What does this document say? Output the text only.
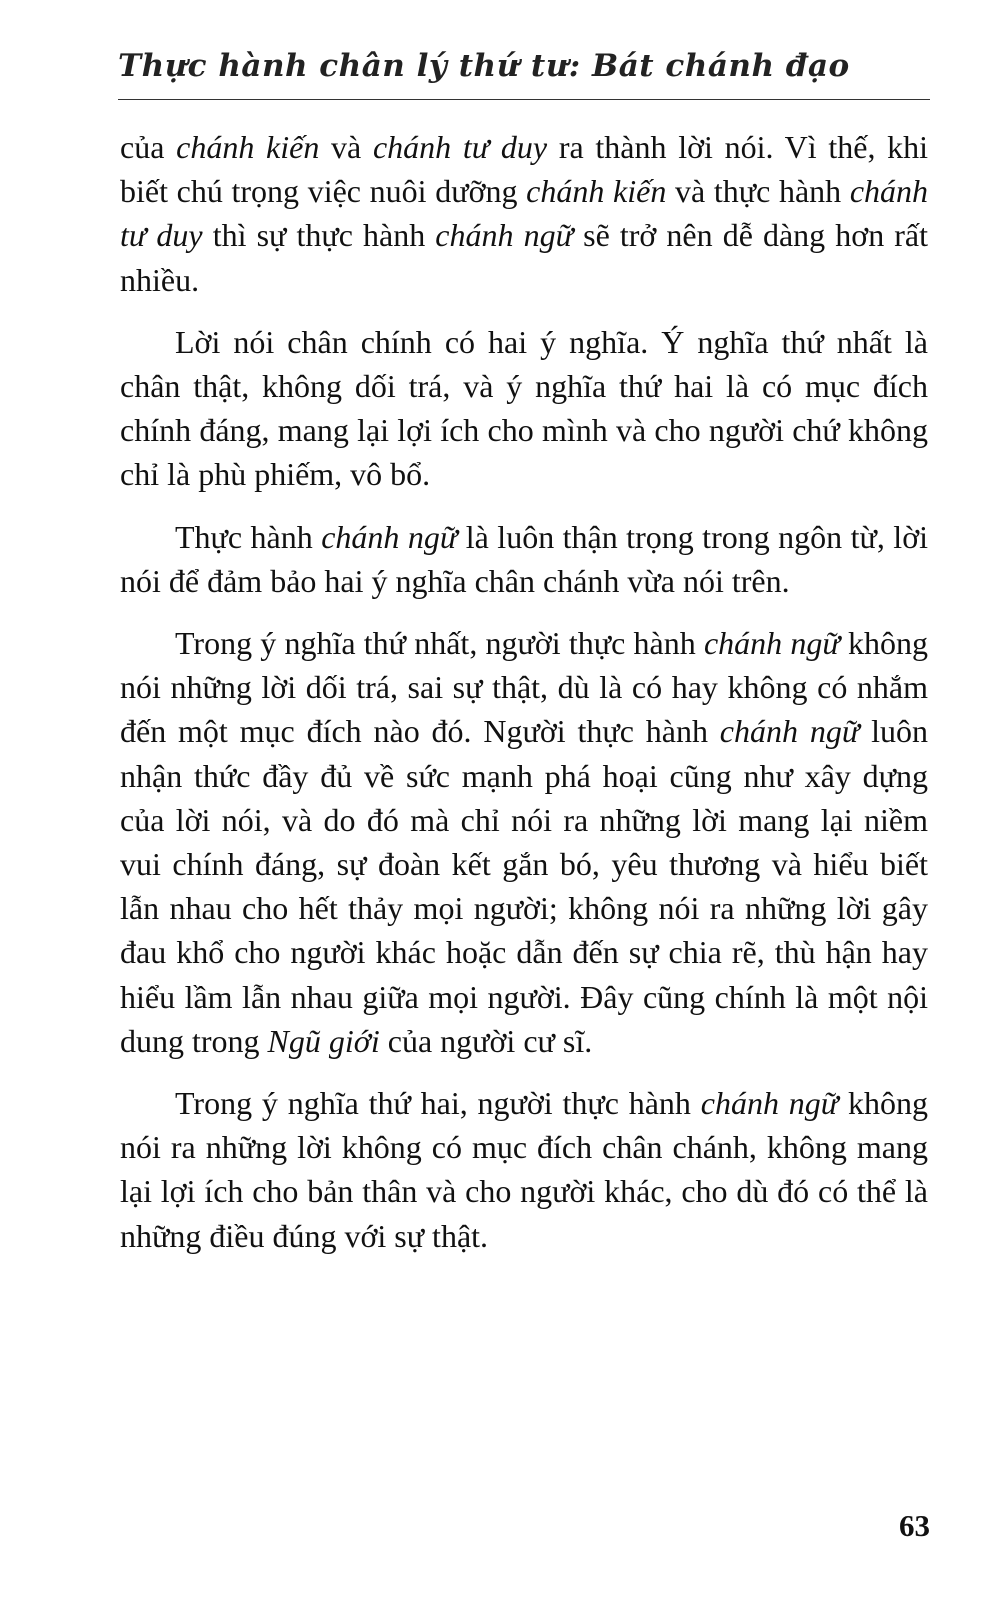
Thực hành chân lý thứ tư: Bát chánh đạo

của chánh kiến và chánh tư duy ra thành lời nói. Vì thế, khi biết chú trọng việc nuôi dưỡng chánh kiến và thực hành chánh tư duy thì sự thực hành chánh ngữ sẽ trở nên dễ dàng hơn rất nhiều.

Lời nói chân chính có hai ý nghĩa. Ý nghĩa thứ nhất là chân thật, không dối trá, và ý nghĩa thứ hai là có mục đích chính đáng, mang lại lợi ích cho mình và cho người chứ không chỉ là phù phiếm, vô bổ.

Thực hành chánh ngữ là luôn thận trọng trong ngôn từ, lời nói để đảm bảo hai ý nghĩa chân chánh vừa nói trên.

Trong ý nghĩa thứ nhất, người thực hành chánh ngữ không nói những lời dối trá, sai sự thật, dù là có hay không có nhắm đến một mục đích nào đó. Người thực hành chánh ngữ luôn nhận thức đầy đủ về sức mạnh phá hoại cũng như xây dựng của lời nói, và do đó mà chỉ nói ra những lời mang lại niềm vui chính đáng, sự đoàn kết gắn bó, yêu thương và hiểu biết lẫn nhau cho hết thảy mọi người; không nói ra những lời gây đau khổ cho người khác hoặc dẫn đến sự chia rẽ, thù hận hay hiểu lầm lẫn nhau giữa mọi người. Đây cũng chính là một nội dung trong Ngũ giới của người cư sĩ.

Trong ý nghĩa thứ hai, người thực hành chánh ngữ không nói ra những lời không có mục đích chân chánh, không mang lại lợi ích cho bản thân và cho người khác, cho dù đó có thể là những điều đúng với sự thật.

63
